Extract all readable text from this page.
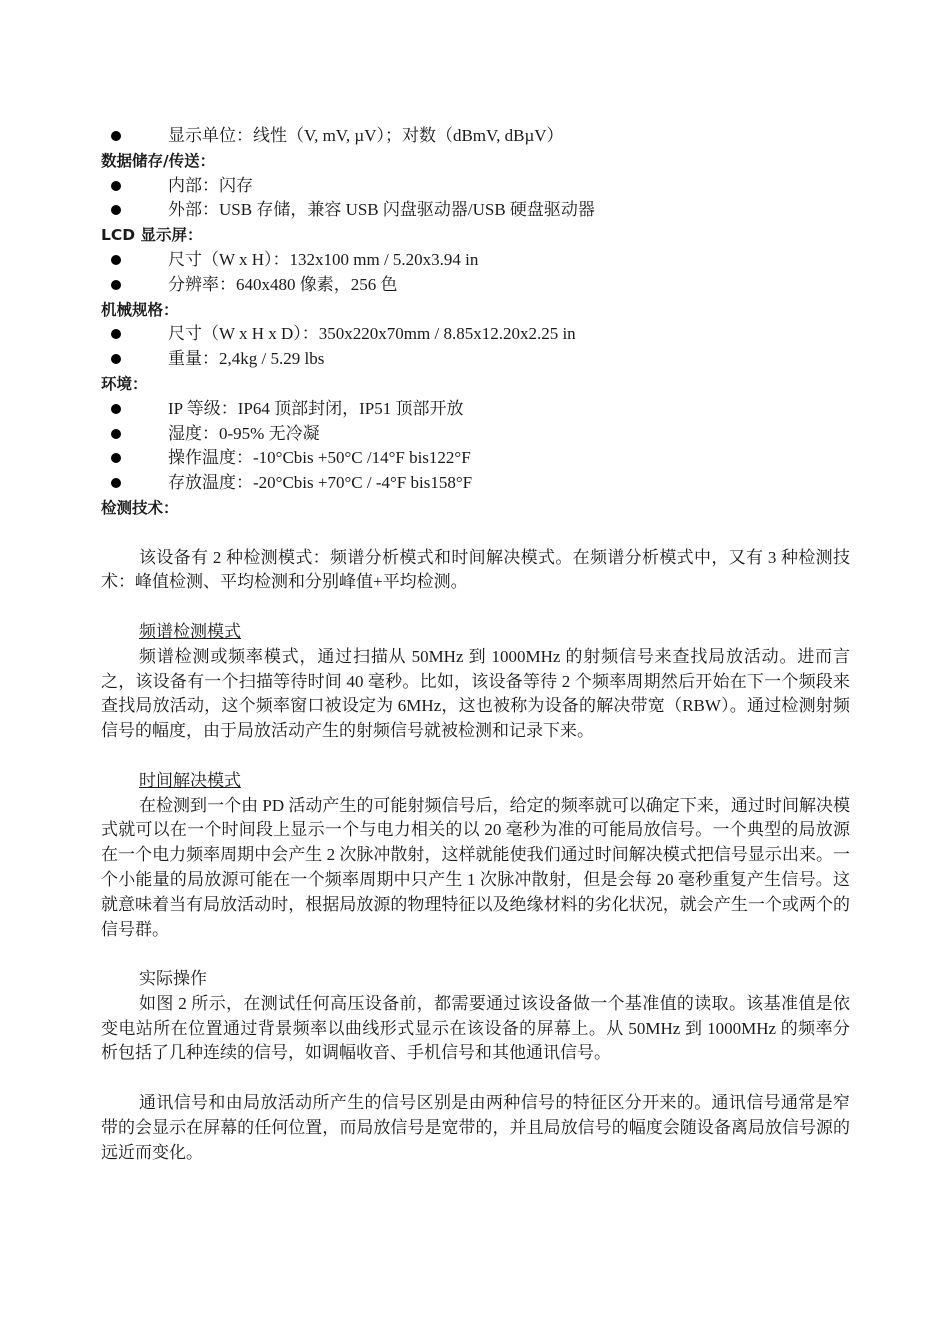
显示单位：线性（V, mV, µV）；对数（dBmV, dBµV）
数据储存/传送：
内部：闪存
外部：USB 存储，兼容 USB 闪盘驱动器/USB 硬盘驱动器
LCD 显示屏：
尺寸（W x H）：132x100 mm / 5.20x3.94 in
分辨率：640x480 像素，256 色
机械规格：
尺寸（W x H x D）：350x220x70mm / 8.85x12.20x2.25 in
重量：2,4kg / 5.29 lbs
环境：
IP 等级：IP64 顶部封闭，IP51 顶部开放
湿度：0-95% 无冷凝
操作温度：-10°Cbis +50°C /14°F bis122°F
存放温度：-20°Cbis +70°C / -4°F bis158°F
检测技术：

该设备有 2 种检测模式：频谱分析模式和时间解决模式。在频谱分析模式中，又有 3 种检测技术：峰值检测、平均检测和分别峰值+平均检测。

频谱检测模式

频谱检测或频率模式，通过扫描从 50MHz 到 1000MHz 的射频信号来查找局放活动。进而言之，该设备有一个扫描等待时间 40 毫秒。比如，该设备等待 2 个频率周期然后开始在下一个频段来查找局放活动，这个频率窗口被设定为 6MHz，这也被称为设备的解决带宽（RBW）。通过检测射频信号的幅度，由于局放活动产生的射频信号就被检测和记录下来。

时间解决模式

在检测到一个由 PD 活动产生的可能射频信号后，给定的频率就可以确定下来，通过时间解决模式就可以在一个时间段上显示一个与电力相关的以 20 毫秒为准的可能局放信号。一个典型的局放源在一个电力频率周期中会产生 2 次脉冲散射，这样就能使我们通过时间解决模式把信号显示出来。一个小能量的局放源可能在一个频率周期中只产生 1 次脉冲散射，但是会每 20 毫秒重复产生信号。这就意味着当有局放活动时，根据局放源的物理特征以及绝缘材料的劣化状况，就会产生一个或两个的信号群。

实际操作

如图 2 所示，在测试任何高压设备前，都需要通过该设备做一个基准值的读取。该基准值是依变电站所在位置通过背景频率以曲线形式显示在该设备的屏幕上。从 50MHz 到 1000MHz 的频率分析包括了几种连续的信号，如调幅收音、手机信号和其他通讯信号。

通讯信号和由局放活动所产生的信号区别是由两种信号的特征区分开来的。通讯信号通常是窄带的会显示在屏幕的任何位置，而局放信号是宽带的，并且局放信号的幅度会随设备离局放信号源的远近而变化。
